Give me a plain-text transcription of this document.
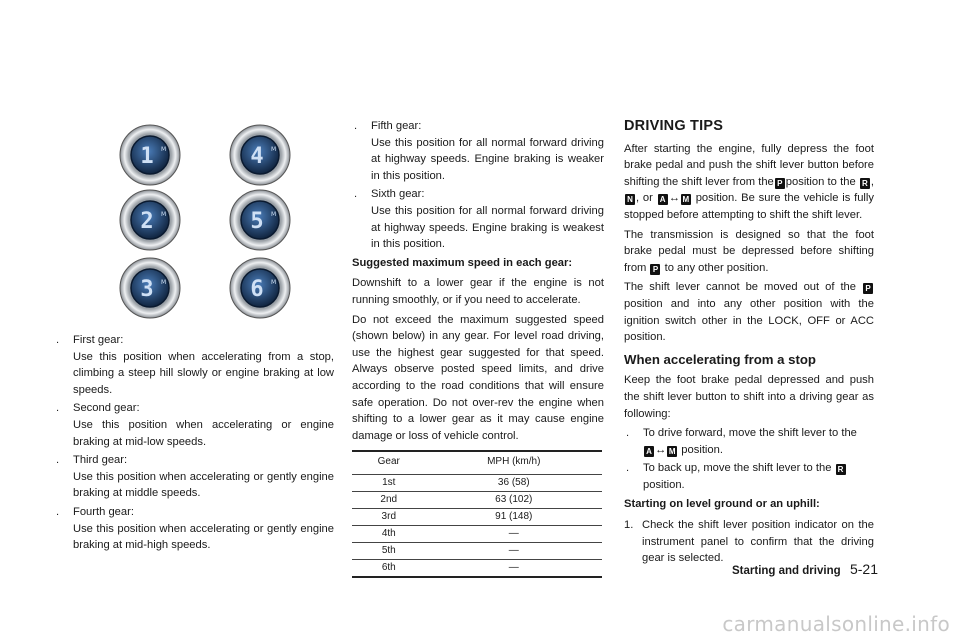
1 M	4 M
2 M	5 M
3 M	6 M
. First gear:

Use this position when accelerating from a stop, climbing a steep hill slowly or engine braking at low speeds.

. Second gear:

Use this position when accelerating or engine braking at mid-low speeds.

. Third gear:

Use this position when accelerating or gently engine braking at middle speeds.

. Fourth gear:

Use this position when accelerating or gently engine braking at mid-high speeds.

. Fifth gear:

Use this position for all normal forward driving at highway speeds. Engine braking is weaker in this position.

. Sixth gear:

Use this position for all normal forward driving at highway speeds. Engine braking is weakest in this position.

Suggested maximum speed in each gear:

Downshift to a lower gear if the engine is not running smoothly, or if you need to accelerate.

Do not exceed the maximum suggested speed (shown below) in any gear. For level road driving, use the highest gear suggested for that speed. Always observe posted speed limits, and drive according to the road conditions that will ensure safe operation. Do not over-rev the engine when shifting to a lower gear as it may cause engine damage or loss of vehicle control.

Gear	MPH (km/h)
1st	36 (58)
2nd	63 (102)
3rd	91 (148)
4th	—
5th	—
6th	—
DRIVING TIPS

After starting the engine, fully depress the foot brake pedal and push the shift lever button before shifting the shift lever from the P position to the R , N , or A ↔ M position. Be sure the vehicle is fully stopped before attempting to shift the shift lever.

The transmission is designed so that the foot brake pedal must be depressed before shifting from P to any other position.

The shift lever cannot be moved out of the P position and into any other position with the ignition switch other in the LOCK, OFF or ACC position.

When accelerating from a stop

Keep the foot brake pedal depressed and push the shift lever button to shift into a driving gear as following:

. To drive forward, move the shift lever to the
A ↔ M position.

. To back up, move the shift lever to the R
position.

Starting on level ground or an uphill:

1. Check the shift lever position indicator on the instrument panel to confirm that the driving gear is selected.
Starting and driving 5-21
carmanualsonline.info
